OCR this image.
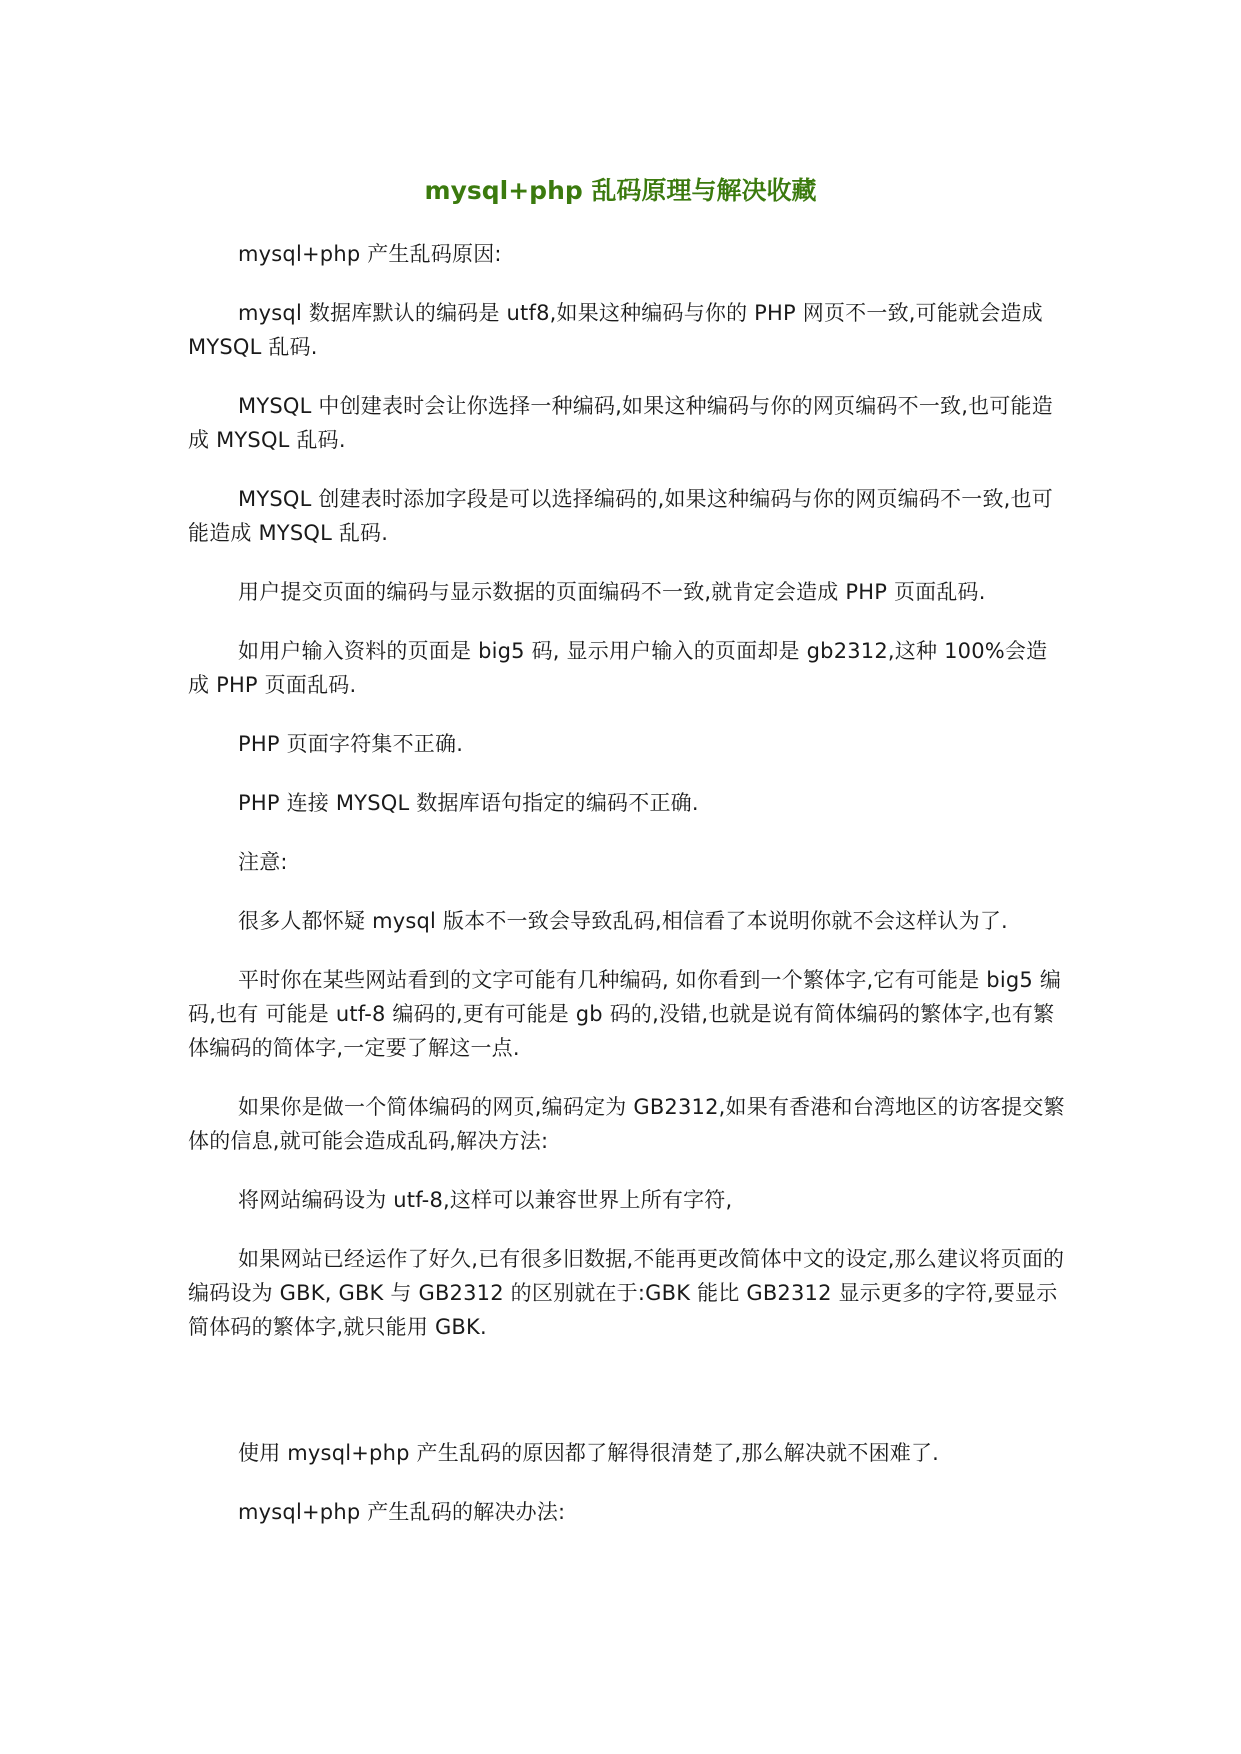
mysql+php 乱码原理与解决收藏

mysql+php 产生乱码原因:

mysql 数据库默认的编码是 utf8,如果这种编码与你的 PHP 网页不一致,可能就会造成 MYSQL 乱码.

MYSQL 中创建表时会让你选择一种编码,如果这种编码与你的网页编码不一致,也可能造成 MYSQL 乱码.

MYSQL 创建表时添加字段是可以选择编码的,如果这种编码与你的网页编码不一致,也可能造成 MYSQL 乱码.

用户提交页面的编码与显示数据的页面编码不一致,就肯定会造成 PHP 页面乱码.

如用户输入资料的页面是 big5 码, 显示用户输入的页面却是 gb2312,这种 100%会造成 PHP 页面乱码.

PHP 页面字符集不正确.

PHP 连接 MYSQL 数据库语句指定的编码不正确.

注意:

很多人都怀疑 mysql 版本不一致会导致乱码,相信看了本说明你就不会这样认为了.

平时你在某些网站看到的文字可能有几种编码, 如你看到一个繁体字,它有可能是 big5 编码,也有 可能是 utf-8 编码的,更有可能是 gb 码的,没错,也就是说有简体编码的繁体字,也有繁体编码的简体字,一定要了解这一点.

如果你是做一个简体编码的网页,编码定为 GB2312,如果有香港和台湾地区的访客提交繁体的信息,就可能会造成乱码,解决方法:

将网站编码设为 utf-8,这样可以兼容世界上所有字符,

如果网站已经运作了好久,已有很多旧数据,不能再更改简体中文的设定,那么建议将页面的编码设为 GBK, GBK 与 GB2312 的区别就在于:GBK 能比 GB2312 显示更多的字符,要显示简体码的繁体字,就只能用 GBK.

使用 mysql+php 产生乱码的原因都了解得很清楚了,那么解决就不困难了.

mysql+php 产生乱码的解决办法:
